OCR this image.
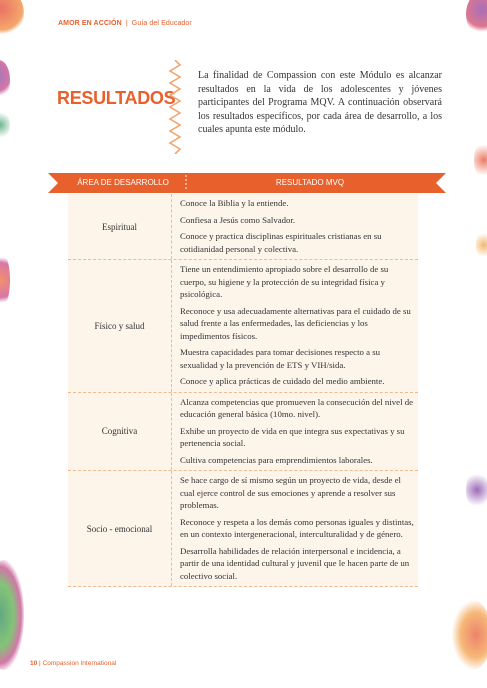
AMOR EN ACCIÓN | Guía del Educador
RESULTADOS

La finalidad de Compassion con este Módulo es alcanzar resultados en la vida de los adolescentes y jóvenes participantes del Programa MQV. A continuación observará los resultados específicos, por cada área de desarrollo, a los cuales apunta este módulo.

ÁREA DE DESARROLLO	RESULTADO MVQ
Espiritual

Conoce la Biblia y la entiende.

Confiesa a Jesús como Salvador.

Conoce y practica disciplinas espirituales cristianas en su cotidianidad personal y colectiva.

Físico y salud

Tiene un entendimiento apropiado sobre el desarrollo de su cuerpo, su higiene y la protección de su integridad física y psicológica.

Reconoce y usa adecuadamente alternativas para el cuidado de su salud frente a las enfermedades, las deficiencias y los impedimentos físicos.

Muestra capacidades para tomar decisiones respecto a su sexualidad y la prevención de ETS y VIH/sida.

Conoce y aplica prácticas de cuidado del medio ambiente.

Cognitiva

Alcanza competencias que promueven la consecución del nivel de educación general básica (10mo. nivel).

Exhibe un proyecto de vida en que integra sus expectativas y su pertenencia social.

Cultiva competencias para emprendimientos laborales.

Socio - emocional

Se hace cargo de sí mismo según un proyecto de vida, desde el cual ejerce control de sus emociones y aprende a resolver sus problemas.

Reconoce y respeta a los demás como personas iguales y distintas, en un contexto intergeneracional, interculturalidad y de género.

Desarrolla habilidades de relación interpersonal e incidencia, a partir de una identidad cultural y juvenil que le hacen parte de un colectivo social.

10 | Compassion International
